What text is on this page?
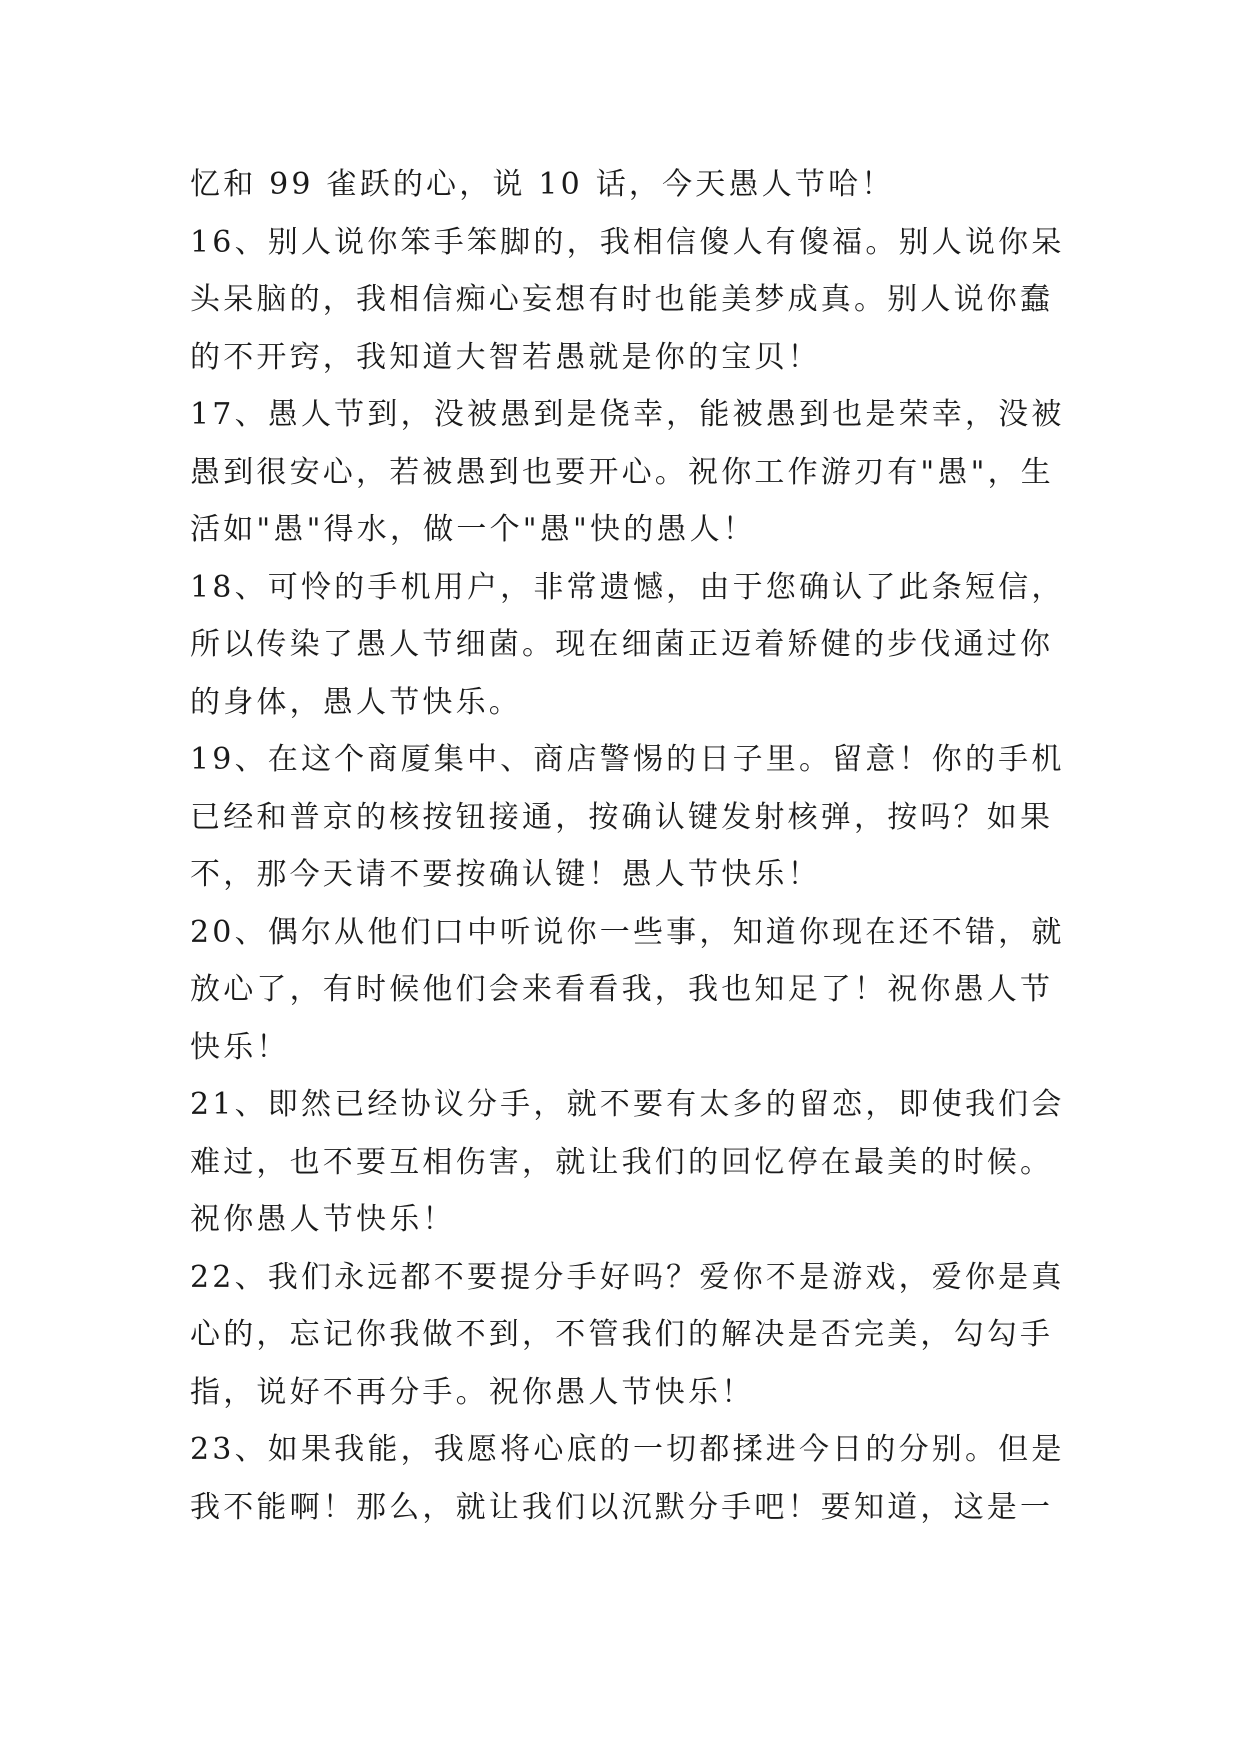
忆和 99 雀跃的心，说 10 话，今天愚人节哈！
16、别人说你笨手笨脚的，我相信傻人有傻福。别人说你呆
头呆脑的，我相信痴心妄想有时也能美梦成真。别人说你蠢
的不开窍，我知道大智若愚就是你的宝贝！
17、愚人节到，没被愚到是侥幸，能被愚到也是荣幸，没被
愚到很安心，若被愚到也要开心。祝你工作游刃有"愚"，生
活如"愚"得水，做一个"愚"快的愚人！
18、可怜的手机用户，非常遗憾，由于您确认了此条短信，
所以传染了愚人节细菌。现在细菌正迈着矫健的步伐通过你
的身体，愚人节快乐。
19、在这个商厦集中、商店警惕的日子里。留意！你的手机
已经和普京的核按钮接通，按确认键发射核弹，按吗？如果
不，那今天请不要按确认键！愚人节快乐！
20、偶尔从他们口中听说你一些事，知道你现在还不错，就
放心了，有时候他们会来看看我，我也知足了！祝你愚人节
快乐！
21、即然已经协议分手，就不要有太多的留恋，即使我们会
难过，也不要互相伤害，就让我们的回忆停在最美的时候。
祝你愚人节快乐！
22、我们永远都不要提分手好吗？爱你不是游戏，爱你是真
心的，忘记你我做不到，不管我们的解决是否完美，勾勾手
指，说好不再分手。祝你愚人节快乐！
23、如果我能，我愿将心底的一切都揉进今日的分别。但是
我不能啊！那么，就让我们以沉默分手吧！要知道，这是一
